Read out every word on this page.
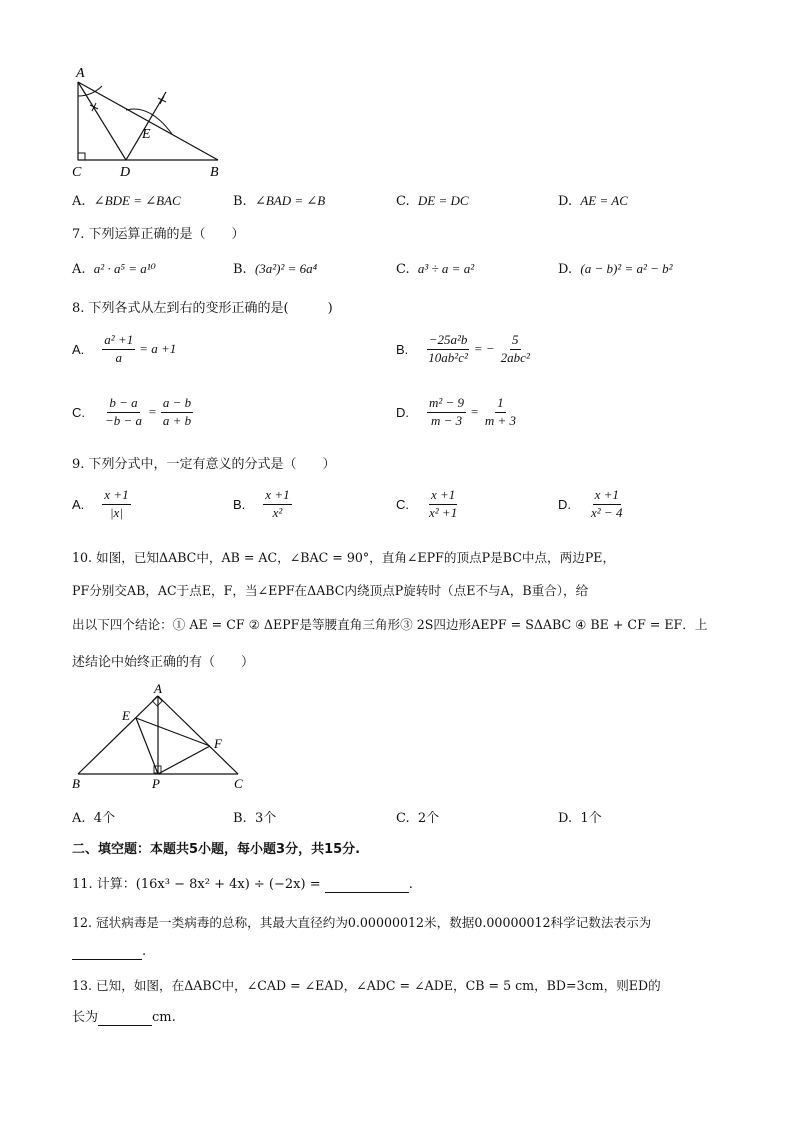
A
E
C	D	B
A. ∠BDE = ∠BAC	B. ∠BAD = ∠B	C. DE = DC	D. AE = AC
7. 下列运算正确的是（　　）
A. a² · a⁵ = a¹⁰	B. (3a²)² = 6a⁴	C. a³ ÷ a = a²	D. (a − b)² = a² − b²
8. 下列各式从左到右的变形正确的是(　　　)
A. $\frac{\text{a² +1}}{a} = a +1$	B. $\frac{\text{−25a²b}}{\text{10ab²c²}}$ = − $\frac{5}{\text{2abc²}}$
C. $\frac{b - a}{-b - a} = \frac{a - b}{a + b}$	D. $\frac{\text{m² − 9}}{m - 3} = \frac{1}{m + 3}$
9. 下列分式中，一定有意义的分式是（　　）
A. $\frac{x +1}{|x|}$	B. $\frac{x +1}{\text{x²}}$	C. $\frac{x +1}{\text{x² +1}}$	D. $\frac{x +1}{\text{x² − 4}}$
10. 如图，已知ΔABC中，AB = AC，∠BAC = 90°，直角∠EPF的顶点P是BC中点，两边PE，
PF分别交AB，AC于点E，F，当∠EPF在ΔABC内绕顶点P旋转时（点E不与A，B重合），给
出以下四个结论：① AE = CF ② ΔEPF是等腰直角三角形③ 2S四边形AEPF = SΔABC ④ BE + CF = EF．上
述结论中始终正确的有（　　）
A
E
F
B	P	C
A. 4个	B. 3个	C. 2个	D. 1个
二、填空题：本题共5小题，每小题3分，共15分.
11. 计算：(16x³ − 8x² + 4x) ÷ (−2x) =	.
12. 冠状病毒是一类病毒的总称，其最大直径约为0.00000012米，数据0.00000012科学记数法表示为
.
13. 已知，如图，在ΔABC中，∠CAD = ∠EAD，∠ADC = ∠ADE，CB = 5 cm，BD=3cm，则ED的
长为	cm.
